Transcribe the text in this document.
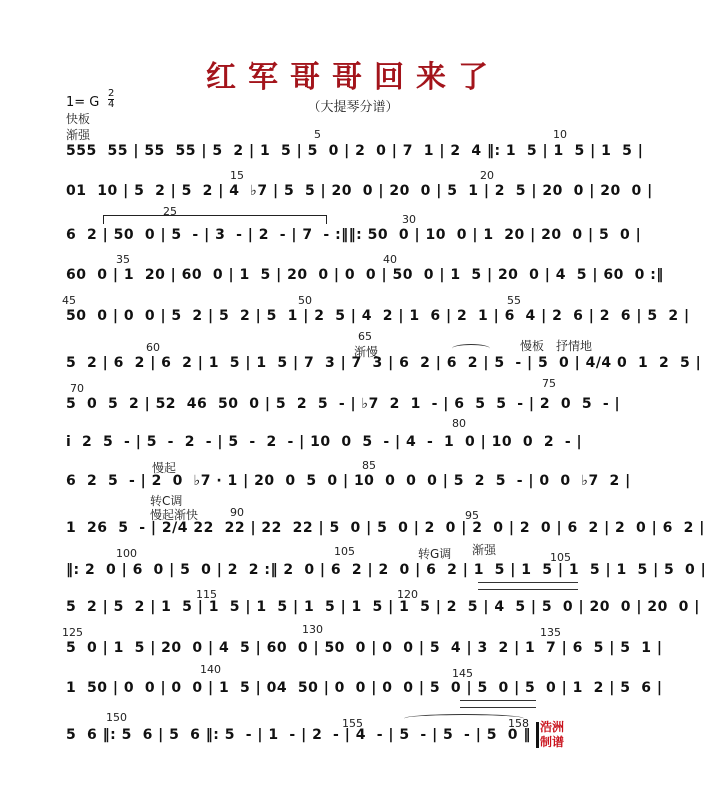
红军哥哥回来了
（大提琴分谱）
1= G $\frac{2}{4}$
快板
渐强	5	10
15	20
25
30
35	40
45	50	55
60
65
渐慢	慢板 抒情地
70	75
80
慢起	85
转C调
慢起渐快	90	95
100	105	转G调 渐强
105
115	120
125	130	135
140	145
150	155	158
555  55 | 55  55 | 5  2 | 1  5 | 5  0 | 2  0 | 7  1 | 2  4 ‖: 1  5 | 1  5 | 1  5 |
01  10 | 5  2 | 5  2 | 4  ♭7 | 5  5 | 20  0 | 20  0 | 5  1 | 2  5 | 20  0 | 20  0 |
6  2 | 50  0 | 5  - | 3  - | 2  - | 7  - :‖‖: 50  0 | 10  0 | 1  20 | 20  0 | 5  0 |
60  0 | 1  20 | 60  0 | 1  5 | 20  0 | 0  0 | 50  0 | 1  5 | 20  0 | 4  5 | 60  0 :‖
50  0 | 0  0 | 5  2 | 5  2 | 5  1 | 2  5 | 4  2 | 1  6 | 2  1 | 6  4 | 2  6 | 2  6 | 5  2 |
5  2 | 6  2 | 6  2 | 1  5 | 1  5 | 7  3 | 7  3 | 6  2 | 6  2 | 5  - | 5  0 | 4/4 0  1  2  5 |
5  0  5  2 | 52  46  50  0 | 5  2  5  - | ♭7  2  1  - | 6  5  5  - | 2  0  5  - |
i  2  5  - | 5  -  2  - | 5  -  2  - | 10  0  5  - | 4  -  1  0 | 10  0  2  - |
6  2  5  - | 2  0  ♭7 · 1 | 20  0  5  0 | 10  0  0  0 | 5  2  5  - | 0  0  ♭7  2 |
1  26  5  - | 2/4 22  22 | 22  22 | 5  0 | 5  0 | 2  0 | 2  0 | 2  0 | 6  2 | 2  0 | 6  2 |
‖: 2  0 | 6  0 | 5  0 | 2  2 :‖ 2  0 | 6  2 | 2  0 | 6  2 | 1  5 | 1  5 | 1  5 | 1  5 | 5  0 |
5  2 | 5  2 | 1  5 | 1  5 | 1  5 | 1  5 | 1  5 | 1  5 | 2  5 | 4  5 | 5  0 | 20  0 | 20  0 |
5  0 | 1  5 | 20  0 | 4  5 | 60  0 | 50  0 | 0  0 | 5  4 | 3  2 | 1  7 | 6  5 | 5  1 |
1  50 | 0  0 | 0  0 | 1  5 | 04  50 | 0  0 | 0  0 | 5  0 | 5  0 | 5  0 | 1  2 | 5  6 |
5  6 ‖: 5  6 | 5  6 ‖: 5  - | 1  - | 2  - | 4  - | 5  - | 5  - | 5  0 ‖ 浩洲
制谱
